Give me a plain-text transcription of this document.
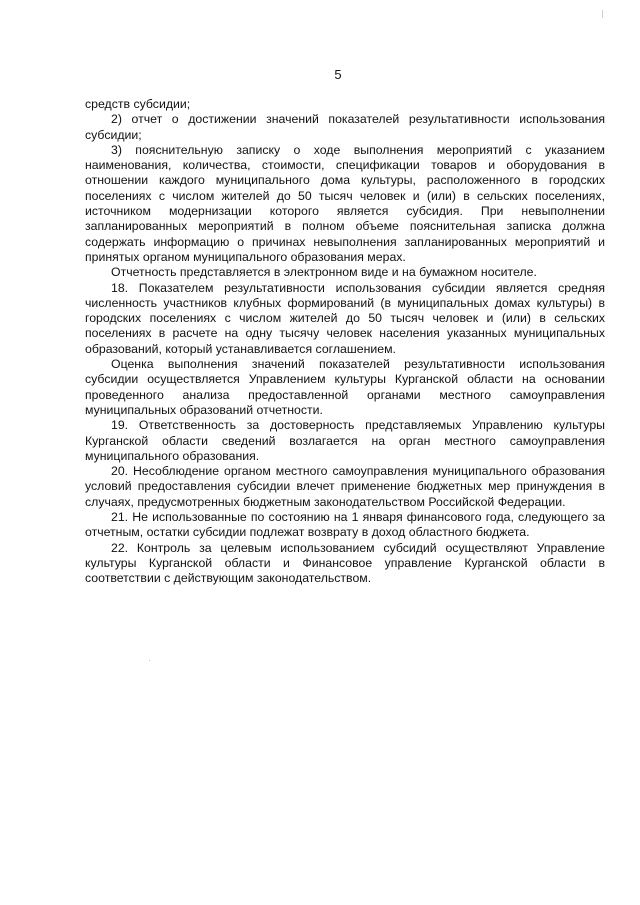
5

средств субсидии;

2) отчет о достижении значений показателей результативности использования субсидии;

3) пояснительную записку о ходе выполнения мероприятий с указанием наименования, количества, стоимости, спецификации товаров и оборудования в отношении каждого муниципального дома культуры, расположенного в городских поселениях с числом жителей до 50 тысяч человек и (или) в сельских поселениях, источником модернизации которого является субсидия. При невыполнении запланированных мероприятий в полном объеме пояснительная записка должна содержать информацию о причинах невыполнения запланированных мероприятий и принятых органом муниципального образования мерах.

Отчетность представляется в электронном виде и на бумажном носителе.

18. Показателем результативности использования субсидии является средняя численность участников клубных формирований (в муниципальных домах культуры) в городских поселениях с числом жителей до 50 тысяч человек и (или) в сельских поселениях в расчете на одну тысячу человек населения указанных муниципальных образований, который устанавливается соглашением.

Оценка выполнения значений показателей результативности использования субсидии осуществляется Управлением культуры Курганской области на основании проведенного анализа предоставленной органами местного самоуправления муниципальных образований отчетности.

19. Ответственность за достоверность представляемых Управлению культуры Курганской области сведений возлагается на орган местного самоуправления муниципального образования.

20. Несоблюдение органом местного самоуправления муниципального образования условий предоставления субсидии влечет применение бюджетных мер принуждения в случаях, предусмотренных бюджетным законодательством Российской Федерации.

21. Не использованные по состоянию на 1 января финансового года, следующего за отчетным, остатки субсидии подлежат возврату в доход областного бюджета.

22. Контроль за целевым использованием субсидий осуществляют Управление культуры Курганской области и Финансовое управление Курганской области в соответствии с действующим законодательством.
